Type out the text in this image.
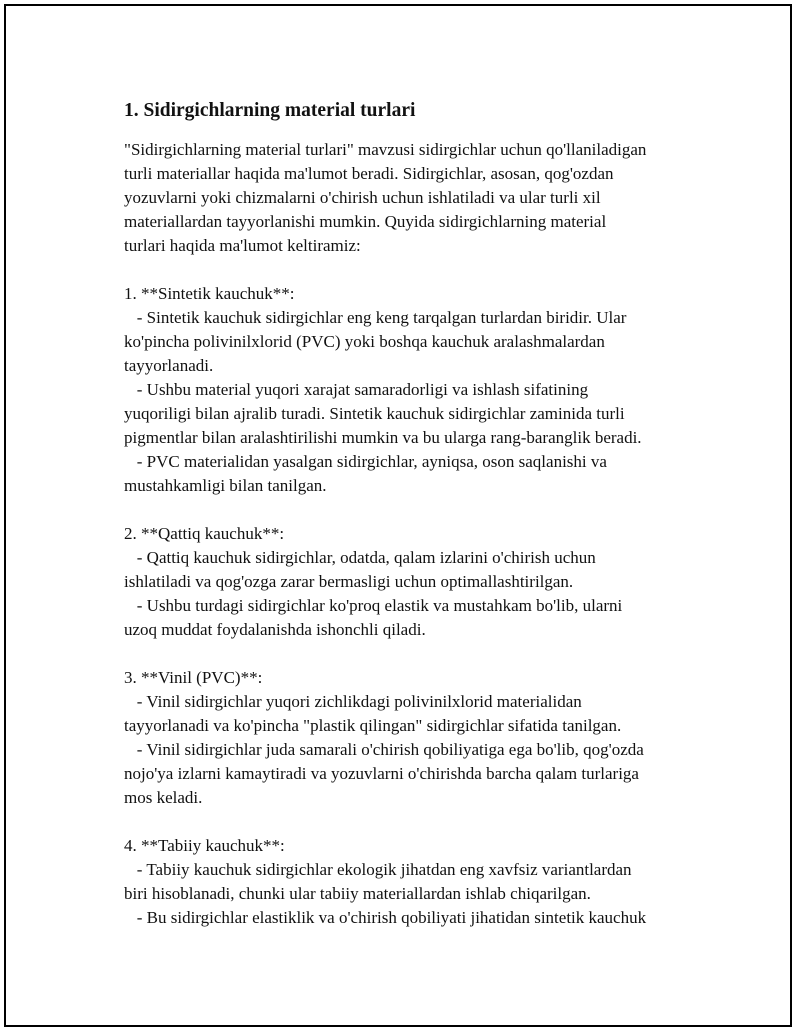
1. Sidirgichlarning material turlari
"Sidirgichlarning material turlari" mavzusi sidirgichlar uchun qo'llaniladigan
turli materiallar haqida ma'lumot beradi. Sidirgichlar, asosan, qog'ozdan
yozuvlarni yoki chizmalarni o'chirish uchun ishlatiladi va ular turli xil
materiallardan tayyorlanishi mumkin. Quyida sidirgichlarning material
turlari haqida ma'lumot keltiramiz:
1. **Sintetik kauchuk**:
- Sintetik kauchuk sidirgichlar eng keng tarqalgan turlardan biridir. Ular
ko'pincha polivinilxlorid (PVC) yoki boshqa kauchuk aralashmalardan
tayyorlanadi.
- Ushbu material yuqori xarajat samaradorligi va ishlash sifatining
yuqoriligi bilan ajralib turadi. Sintetik kauchuk sidirgichlar zaminida turli
pigmentlar bilan aralashtirilishi mumkin va bu ularga rang-baranglik beradi.
- PVC materialidan yasalgan sidirgichlar, ayniqsa, oson saqlanishi va
mustahkamligi bilan tanilgan.
2. **Qattiq kauchuk**:
- Qattiq kauchuk sidirgichlar, odatda, qalam izlarini o'chirish uchun
ishlatiladi va qog'ozga zarar bermasligi uchun optimallashtirilgan.
- Ushbu turdagi sidirgichlar ko'proq elastik va mustahkam bo'lib, ularni
uzoq muddat foydalanishda ishonchli qiladi.
3. **Vinil (PVC)**:
- Vinil sidirgichlar yuqori zichlikdagi polivinilxlorid materialidan
tayyorlanadi va ko'pincha "plastik qilingan" sidirgichlar sifatida tanilgan.
- Vinil sidirgichlar juda samarali o'chirish qobiliyatiga ega bo'lib, qog'ozda
nojo'ya izlarni kamaytiradi va yozuvlarni o'chirishda barcha qalam turlariga
mos keladi.
4. **Tabiiy kauchuk**:
- Tabiiy kauchuk sidirgichlar ekologik jihatdan eng xavfsiz variantlardan
biri hisoblanadi, chunki ular tabiiy materiallardan ishlab chiqarilgan.
- Bu sidirgichlar elastiklik va o'chirish qobiliyati jihatidan sintetik kauchuk
